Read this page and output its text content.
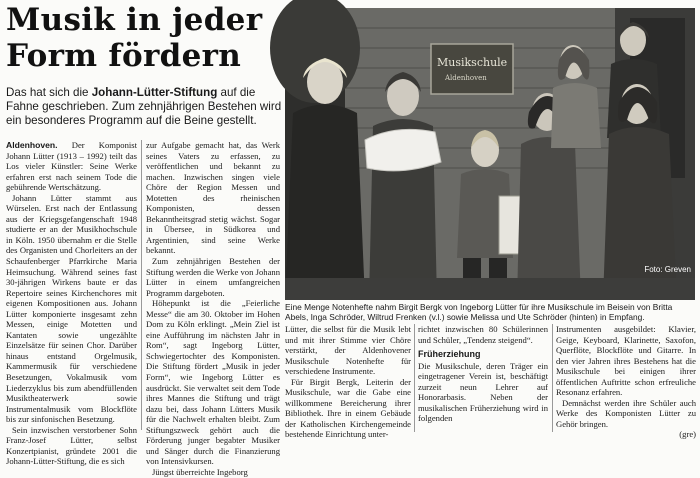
Musik in jeder
Form fördern

Das hat sich die Johann-Lütter-Stiftung auf die Fahne geschrieben. Zum zehnjährigen Bestehen wird ein besonderes Programm auf die Beine gestellt.

Aldenhoven. Der Komponist Johann Lütter (1913 – 1992) teilt das Los vieler Künstler: Seine Werke erfahren erst nach seinem Tode die gebührende Wertschätzung.

Johann Lütter stammt aus Würselen. Erst nach der Entlassung aus der Kriegsgefangenschaft 1948 studierte er an der Musikhochschule in Köln. 1950 übernahm er die Stelle des Organisten und Chorleiters an der Schaufenberger Pfarrkirche Maria Heimsuchung. Während seines fast 30-jährigen Wirkens baute er das Repertoire seines Kirchenchores mit eigenen Kompositionen aus. Johann Lütter komponierte insgesamt zehn Messen, einige Motetten und Kantaten sowie ungezählte Einzelsätze für seinen Chor. Darüber hinaus entstand Orgelmusik, Kammermusik für verschiedene Besetzungen, Vokalmusik vom Liederzyklus bis zum abendfüllenden Musiktheaterwerk sowie Instrumentalmusik vom Blockflöte bis zur sinfonischen Besetzung.

Sein inzwischen verstorbener Sohn Franz-Josef Lütter, selbst Konzertpianist, gründete 2001 die Johann-Lütter-Stiftung, die es sich

zur Aufgabe gemacht hat, das Werk seines Vaters zu erfassen, zu veröffentlichen und bekannt zu machen. Inzwischen singen viele Chöre der Region Messen und Motetten des rheinischen Komponisten, dessen Bekanntheitsgrad stetig wächst. Sogar in Übersee, in Südkorea und Argentinien, sind seine Werke bekannt.

Zum zehnjährigen Bestehen der Stiftung werden die Werke von Johann Lütter in einem umfangreichen Programm dargeboten.

Höhepunkt ist die „Feierliche Messe“ die am 30. Oktober im Hohen Dom zu Köln erklingt. „Mein Ziel ist eine Aufführung im nächsten Jahr in Rom“, sagt Ingeborg Lütter, Schwiegertochter des Komponisten. Die Stiftung fördert „Musik in jeder Form“, wie Ingeborg Lütter es ausdrückt. Sie verwaltet seit dem Tode ihres Mannes die Stiftung und trägt dazu bei, dass Johann Lütters Musik für die Nachwelt erhalten bleibt. Zum Stiftungszweck gehört auch die Förderung junger begabter Musiker und Sänger durch die Finanzierung von Intensivkursen.

Jüngst überreichte Ingeborg

Musikschule
Aldenhoven
Foto: Greven

Eine Menge Notenhefte nahm Birgit Bergk von Ingeborg Lütter für ihre Musikschule im Beisein von Britta Abels, Inga Schröder, Wiltrud Frenken (v.l.) sowie Melissa und Ute Schröder (hinten) in Empfang.

Lütter, die selbst für die Musik lebt und mit ihrer Stimme vier Chöre verstärkt, der Aldenhovener Musikschule Notenhefte für verschiedene Instrumente.

Für Birgit Bergk, Leiterin der Musikschule, war die Gabe eine willkommene Bereicherung ihrer Bibliothek. Ihre in einem Gebäude der Katholischen Kirchengemeinde bestehende Einrichtung unter-

richtet inzwischen 80 Schülerinnen und Schüler, „Tendenz steigend“.

Früherziehung

Die Musikschule, deren Träger ein eingetragener Verein ist, beschäftigt zurzeit neun Lehrer auf Honorarbasis. Neben der musikalischen Früherziehung wird in folgenden

Instrumenten ausgebildet: Klavier, Geige, Keyboard, Klarinette, Saxofon, Querflöte, Blockflöte und Gitarre. In den vier Jahren ihres Bestehens hat die Musikschule bei einigen ihrer öffentlichen Auftritte schon erfreuliche Resonanz erfahren.

Demnächst werden ihre Schüler auch Werke des Komponisten Lütter zu Gehör bringen.

(gre)
